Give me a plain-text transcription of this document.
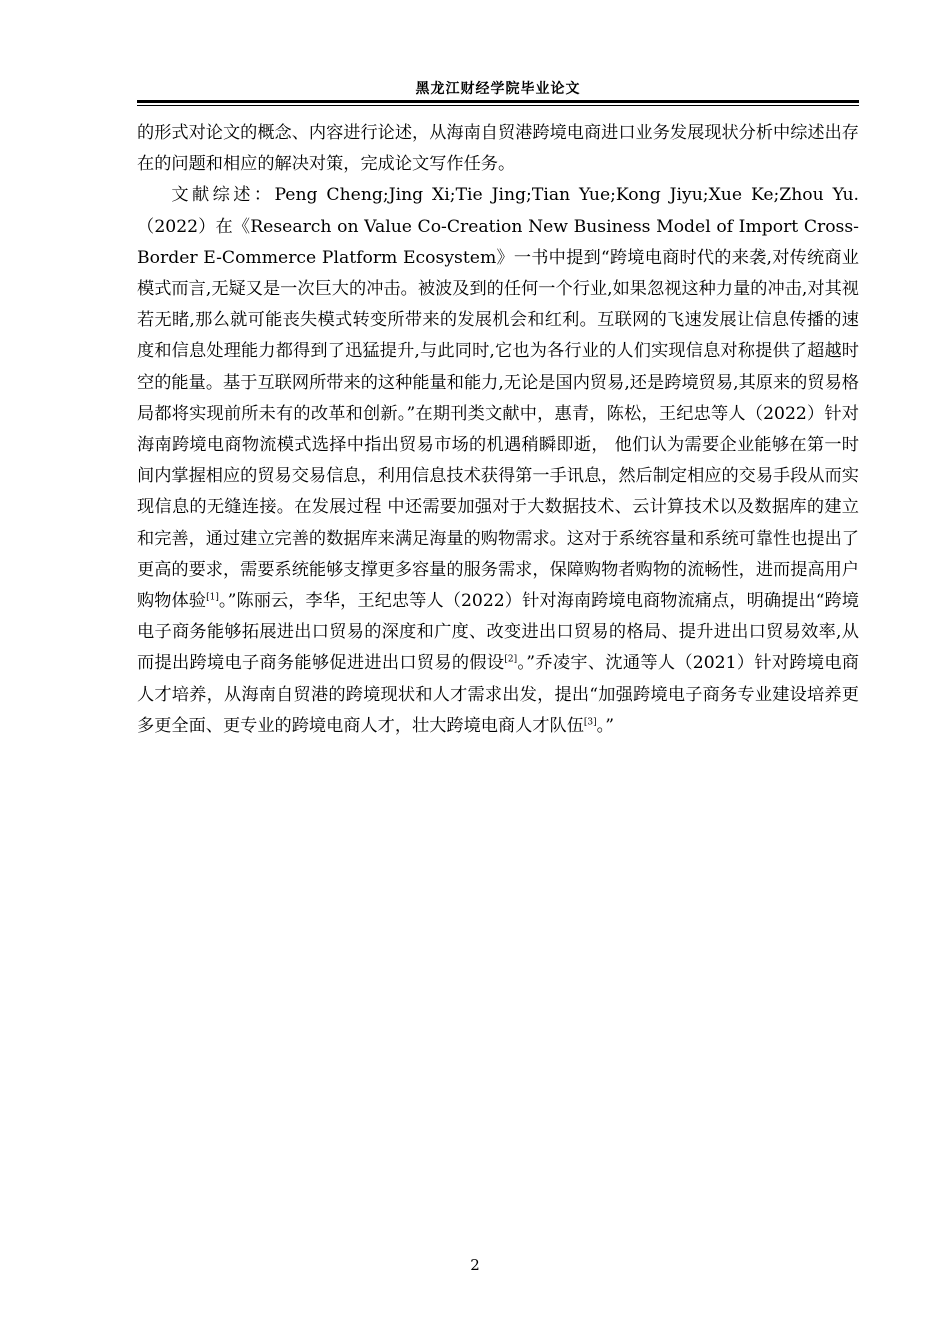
黑龙江财经学院毕业论文

的形式对论文的概念、内容进行论述，从海南自贸港跨境电商进口业务发展现状分析中综述出存在的问题和相应的解决对策，完成论文写作任务。

文献综述：Peng Cheng;Jing Xi;Tie Jing;Tian Yue;Kong Jiyu;Xue Ke;Zhou Yu.（2022）在《Research on Value Co-Creation New Business Model of Import Cross-Border E-Commerce Platform Ecosystem》一书中提到“跨境电商时代的来袭,对传统商业模式而言,无疑又是一次巨大的冲击。被波及到的任何一个行业,如果忽视这种力量的冲击,对其视若无睹,那么就可能丧失模式转变所带来的发展机会和红利。互联网的飞速发展让信息传播的速度和信息处理能力都得到了迅猛提升,与此同时,它也为各行业的人们实现信息对称提供了超越时空的能量。基于互联网所带来的这种能量和能力,无论是国内贸易,还是跨境贸易,其原来的贸易格局都将实现前所未有的改革和创新。”在期刊类文献中，惠青，陈松，王纪忠等人（2022）针对海南跨境电商物流模式选择中指出贸易市场的机遇稍瞬即逝， 他们认为需要企业能够在第一时间内掌握相应的贸易交易信息，利用信息技术获得第一手讯息，然后制定相应的交易手段从而实现信息的无缝连接。在发展过程 中还需要加强对于大数据技术、云计算技术以及数据库的建立和完善，通过建立完善的数据库来满足海量的购物需求。这对于系统容量和系统可靠性也提出了更高的要求，需要系统能够支撑更多容量的服务需求，保障购物者购物的流畅性，进而提高用户购物体验[1]。”陈丽云，李华，王纪忠等人（2022）针对海南跨境电商物流痛点，明确提出“跨境电子商务能够拓展进出口贸易的深度和广度、改变进出口贸易的格局、提升进出口贸易效率,从而提出跨境电子商务能够促进进出口贸易的假设[2]。”乔凌宇、沈通等人（2021）针对跨境电商人才培养，从海南自贸港的跨境现状和人才需求出发，提出“加强跨境电子商务专业建设培养更多更全面、更专业的跨境电商人才，壮大跨境电商人才队伍[3]。”

2
